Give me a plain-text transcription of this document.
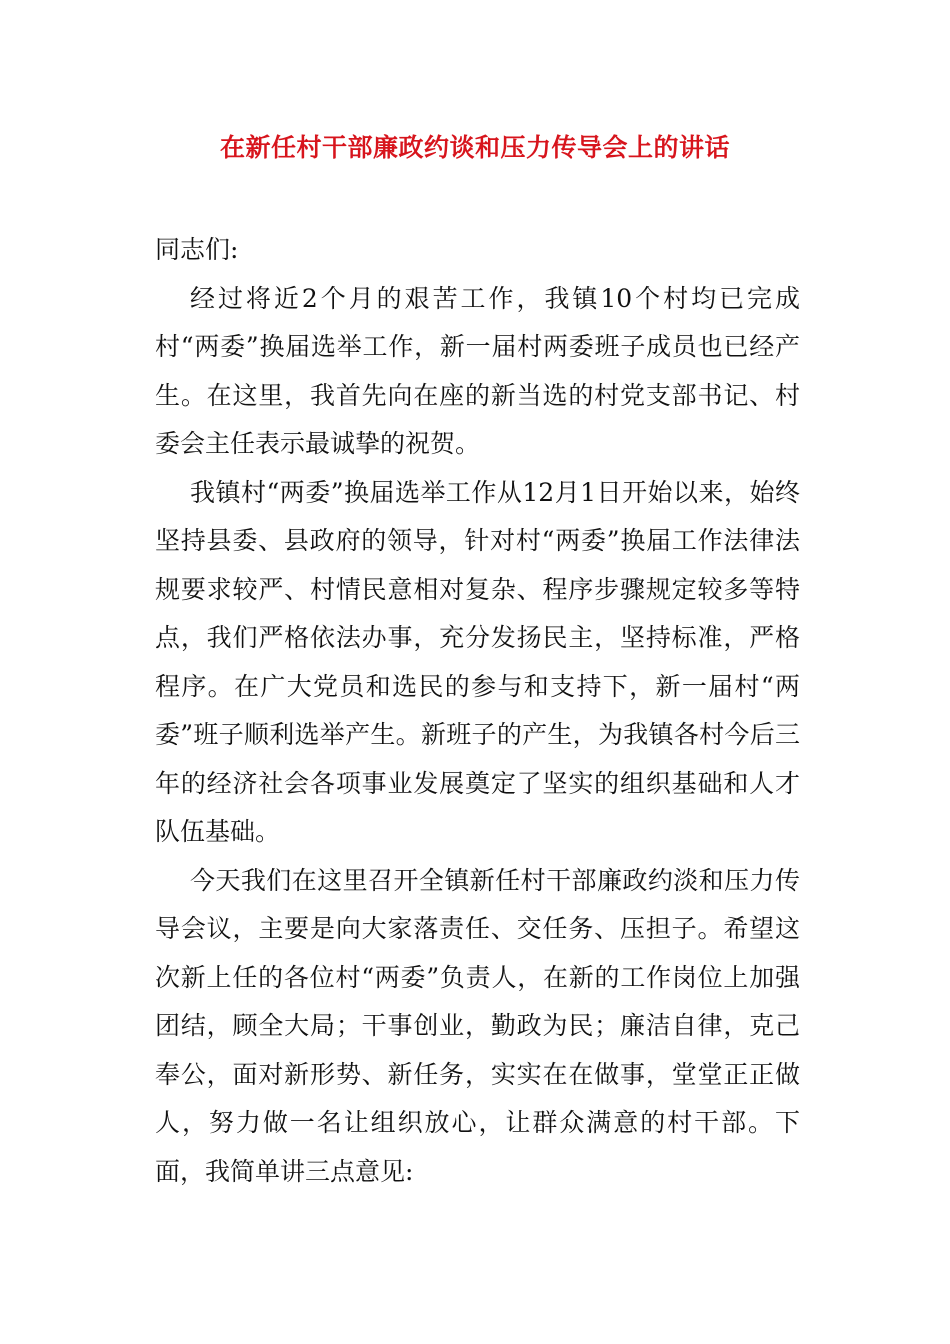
在新任村干部廉政约谈和压力传导会上的讲话

同志们:

经过将近2个月的艰苦工作，我镇10个村均已完成村“两委”换届选举工作，新一届村两委班子成员也已经产生。在这里，我首先向在座的新当选的村党支部书记、村委会主任表示最诚挚的祝贺。

我镇村“两委”换届选举工作从12月1日开始以来，始终坚持县委、县政府的领导，针对村“两委”换届工作法律法规要求较严、村情民意相对复杂、程序步骤规定较多等特点，我们严格依法办事，充分发扬民主，坚持标准，严格程序。在广大党员和选民的参与和支持下，新一届村“两委”班子顺利选举产生。新班子的产生，为我镇各村今后三年的经济社会各项事业发展奠定了坚实的组织基础和人才队伍基础。

今天我们在这里召开全镇新任村干部廉政约淡和压力传导会议，主要是向大家落责任、交任务、压担子。希望这次新上任的各位村“两委”负责人，在新的工作岗位上加强团结，顾全大局；干事创业，勤政为民；廉洁自律，克己奉公，面对新形势、新任务，实实在在做事，堂堂正正做人，努力做一名让组织放心，让群众满意的村干部。下面，我简单讲三点意见:
